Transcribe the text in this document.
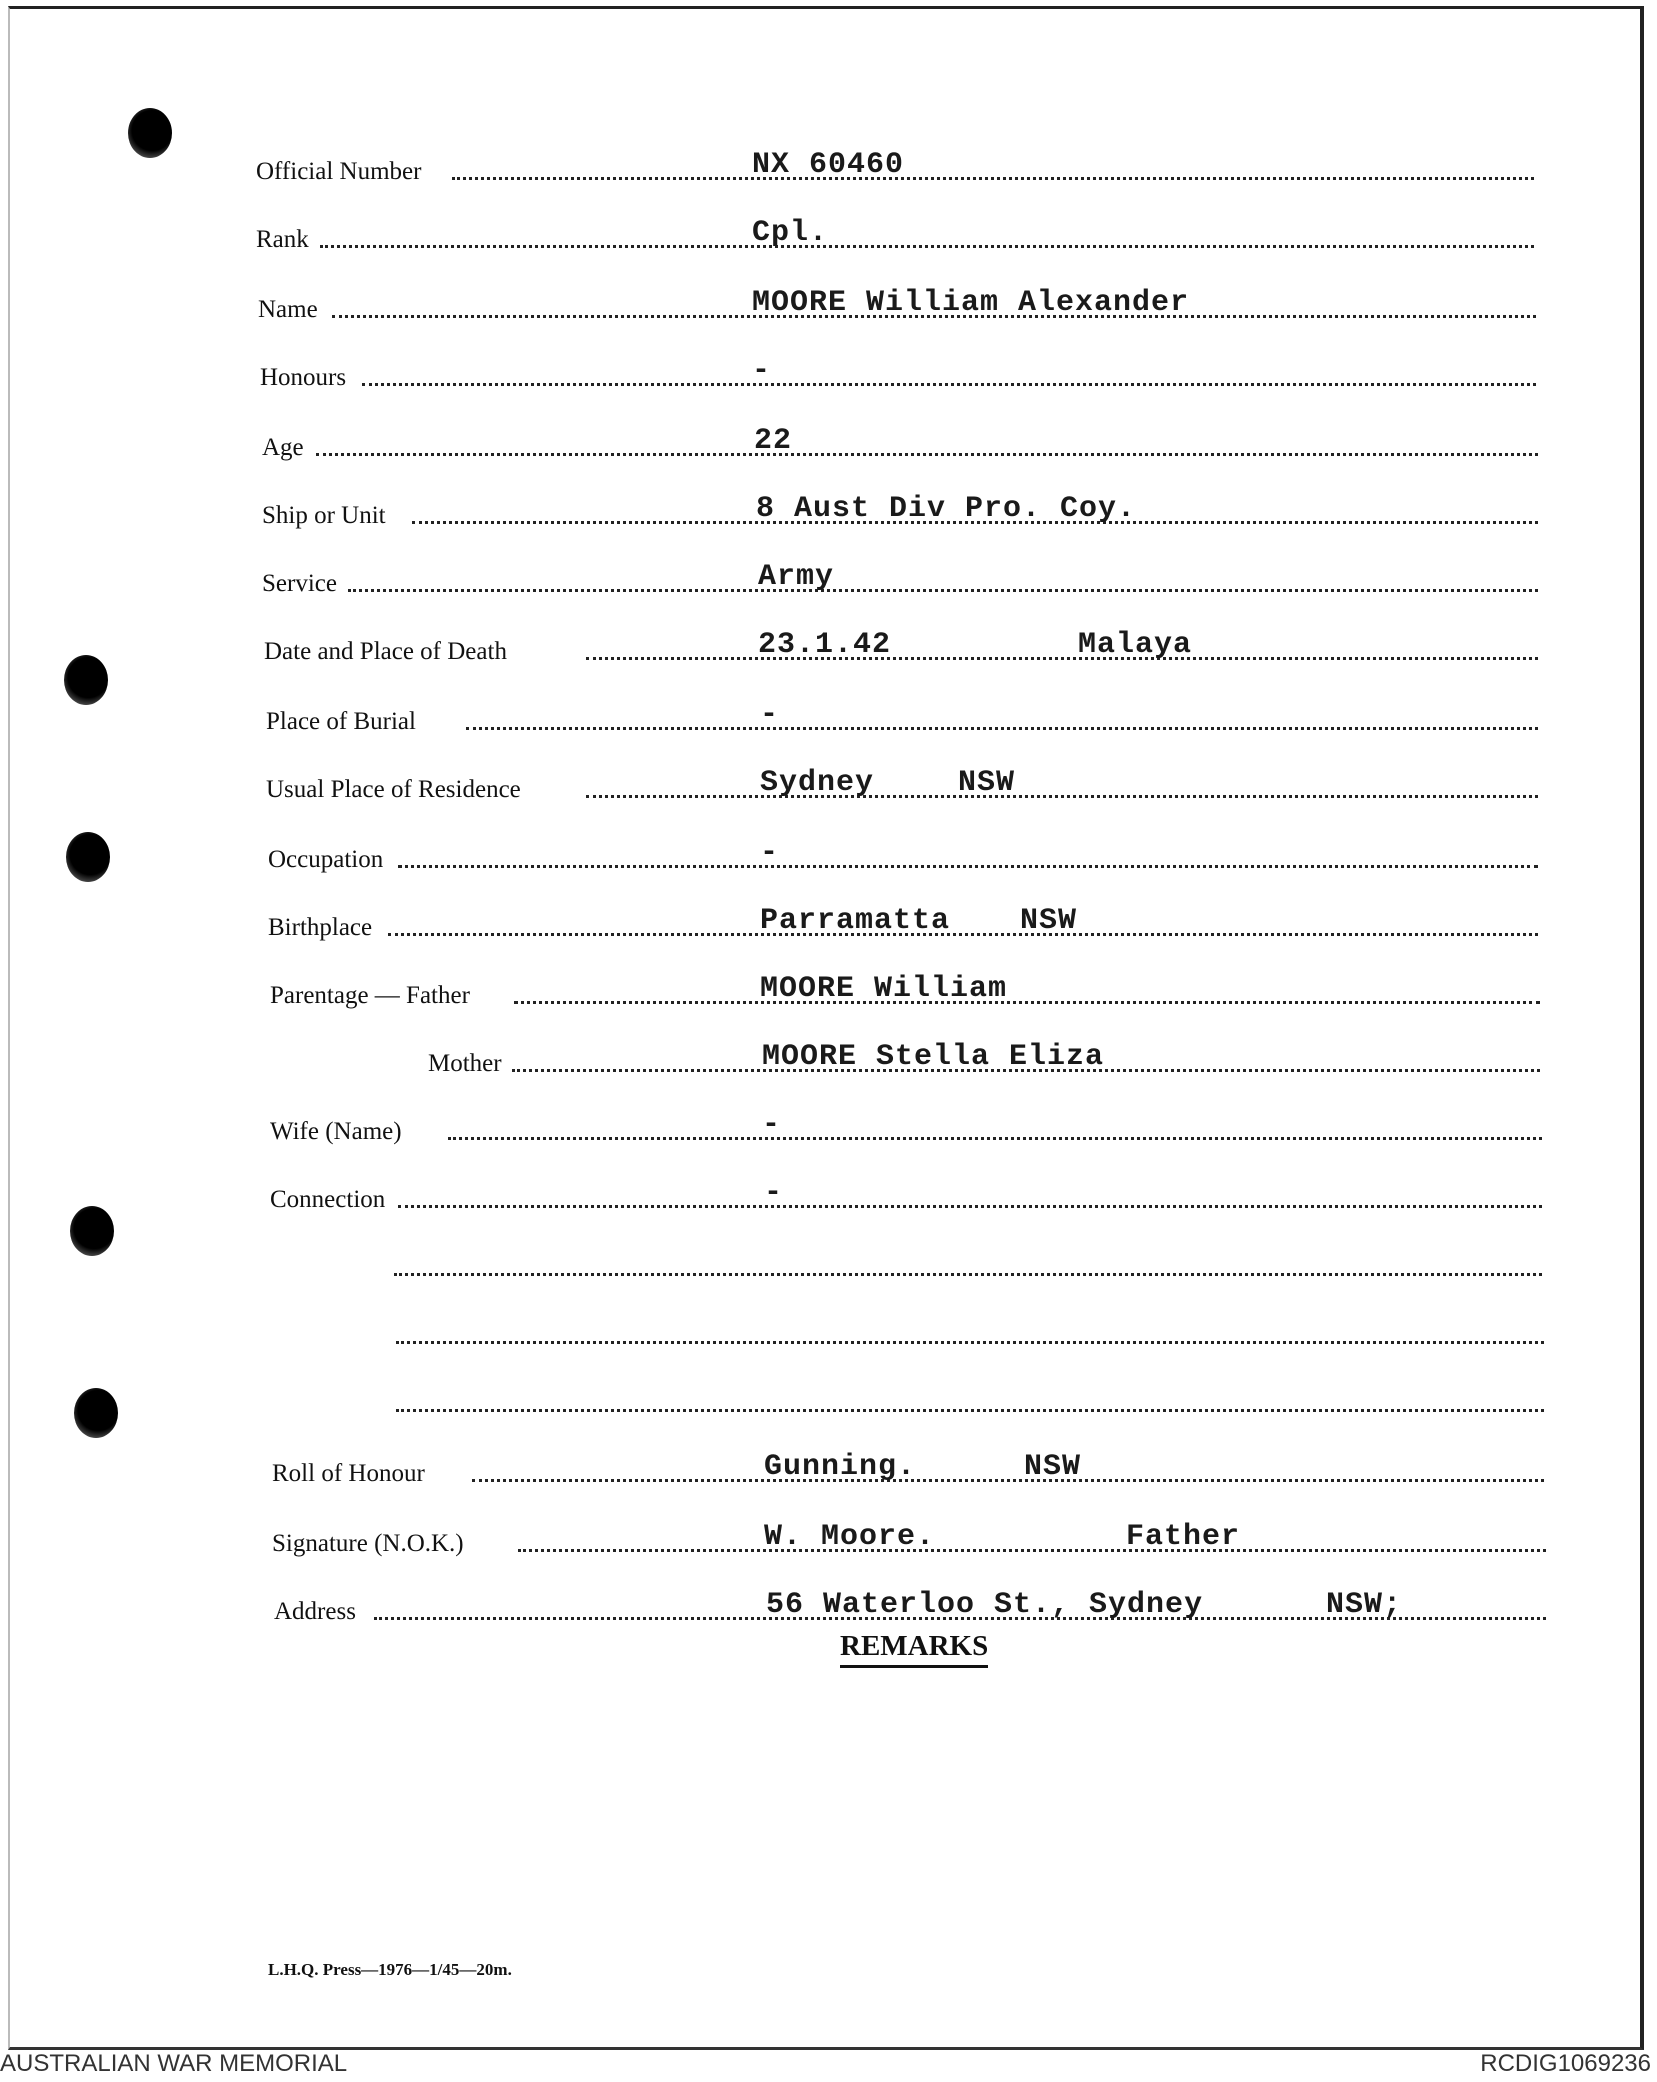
Official Number	NX 60460
Rank	Cpl.
Name	MOORE William Alexander
Honours	-
Age	22
Ship or Unit	8 Aust Div Pro. Coy.
Service	Army
Date and Place of Death	23.1.42	Malaya
Place of Burial	-
Usual Place of Residence	Sydney	NSW
Occupation	-
Birthplace	Parramatta NSW
Parentage — Father	MOORE William
Mother	MOORE Stella Eliza
Wife (Name)	-
Connection	-
Roll of Honour	Gunning.	NSW
Signature (N.O.K.)	W. Moore.	Father
Address	56 Waterloo St., Sydney	NSW;
REMARKS
L.H.Q. Press—1976—1/45—20m.
AUSTRALIAN WAR MEMORIAL	RCDIG1069236
